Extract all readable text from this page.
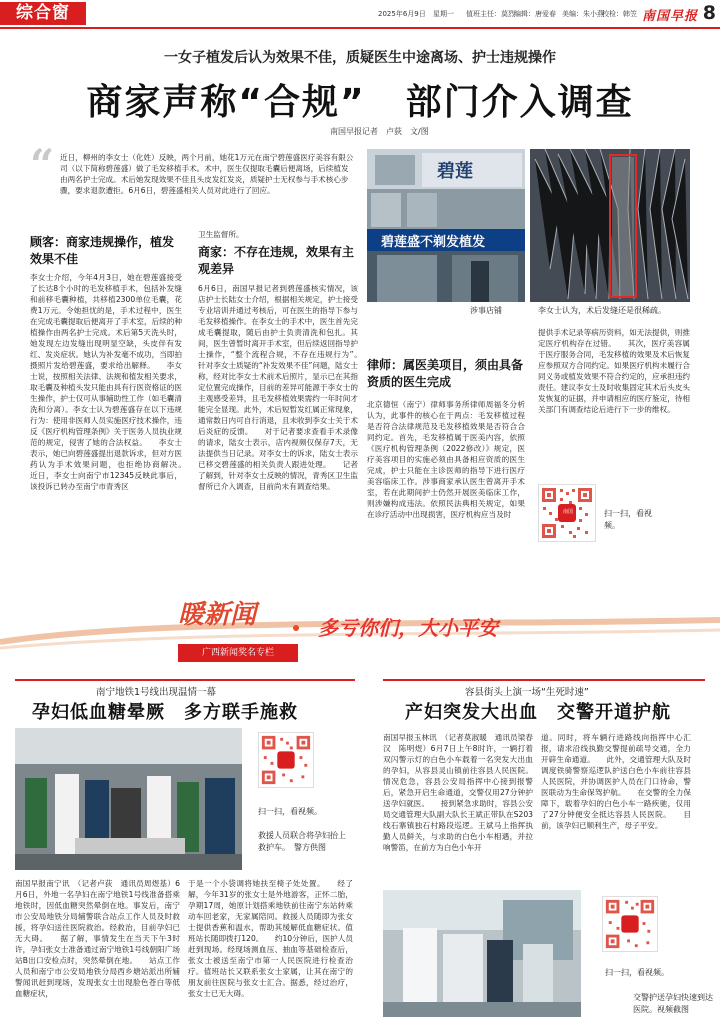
综合窗	2025年6月9日 星期一 值班主任：莫烈 编辑：唐爱春 美编：朱小燕
校检：韩笠 南国早报 8
一女子植发后认为效果不佳，质疑医生中途离场、护士违规操作
商家声称“合规” 部门介入调查
南国早报记者　卢荻　文/图
“ 近日，柳州的李女士（化姓）反映，两个月前，她花1万元在南宁碧莲盛医疗美容有限公司（以下简称碧莲盛）做了毛发移植手术。术中，医生仅提取毛囊后便离场，后续植发由两名护士完成。术后她发现效果不佳且头皮发红发炎，质疑护士无权参与手术核心步骤，要求退款遭拒。6月6日，碧莲盛相关人员对此进行了回应。
顾客：商家违规操作，植发效果不佳
李女士介绍，今年4月3日，她在碧莲盛接受了长达8个小时的毛发移植手术，包括补发缝和前移毛囊种植，共移植2300单位毛囊，花费1万元。令她担忧的是，手术过程中，医生在完成毛囊提取后便离开了手术室，后续的种植操作由两名护士完成。术后第5天洗头时，她发现左边发缝出现明显空缺，头皮伴有发红、发炎症状。她认为补发毫不成功，当即拍摄照片发给碧莲盛，要求给出解释。　　李女士说，按照相关法律、法规和植发相关要求，取毛囊及种植头发只能由具有行医资格证的医生操作，护士仅可从事辅助性工作（如毛囊清洗和分离）。李女士认为碧莲盛存在以下违规行为：使用非医师人员实施医疗技术操作，违反《医疗机构管理条例》关于医务人员执业规范的规定，侵害了她的合法权益。　　李女士表示，她已向碧莲盛提出退款诉求，但对方医药认为手术效果问题，也拒绝协商解决。　　近日，李女士向南宁市12345反映此事后，该投诉已转办至南宁市青秀区
卫生监督所。
商家：不存在违规，效果有主观差异
6月6日，南国早报记者到碧莲盛核实情况，该店护士长陆女士介绍，根据相关规定，护士接受专业培训并通过考核后，可在医生的指导下参与毛发移植操作。在李女士的手术中，医生首先完成毛囊提取，随后由护士负责清洗和包扎。其间，医生曾暂时离开手术室，但后续返回指导护士操作，“整个流程合规，不存在违规行为”。　　针对李女士质疑的“补发效果不佳”问题，陆女士称，经对比李女士术前术后照片，显示已在其指定位置完成操作，目前的差异可能源于李女士的主观感受差异，且毛发移植效果需约一年时间才能完全显现。此外，术后短暂发红属正常现象，通常数日内可自行消退，且未收到李女士关于术后炎症的反馈。　　对于记者要求查看手术录像的请求，陆女士表示，店内视频仅保存7天，无法提供当日记录。对李女士的诉求，陆女士表示已移交碧莲盛的相关负责人跟进处理。　　记者了解到，针对李女士反映的情况，青秀区卫生监督所已介入调查，目前尚未有调查结果。
碧莲
碧莲盛不剃发植发
涉事店铺	李女士认为，术后发缝还是很稀疏。
律师：属医美项目，须由具备资质的医生完成
北京德恒（南宁）律师事务所律师周福冬分析认为，此事件的核心在于两点：毛发移植过程是否符合法律规范及毛发移植效果是否符合合同约定。首先，毛发移植属于医美内容，依照《医疗机构管理条例（2022修改）》规定，医疗美容项目的实施必须由具备相应资质的医生完成，护士只能在主诊医师的指导下进行医疗美容临床工作。涉事商家承认医生曾离开手术室，若在此期间护士仍然开展医美临床工作，则涉嫌构成违法。依照民法典相关规定，如果在诊疗活动中出现损害，医疗机构应当及时
提供手术记录等病历资料，如无法提供，则推定医疗机构存在过错。　　其次，医疗美容属于医疗服务合同，毛发移植的效果及术后恢复应参照双方合同约定。如果医疗机构未履行合同义务或植发效果不符合约定的，应承担违约责任。建议李女士及时收集固定其术后头皮头发恢复的证据，并申请相应的医疗鉴定，待相关部门有调查结论后进行下一步的维权。
南国	扫一扫，看视频。
暖新闻
广西新闻奖名专栏
多亏你们，大小平安
南宁地铁1号线出现温情一幕
孕妇低血糖晕厥　多方联手施救
扫一扫，看视频。
救援人员联合将孕妇抬上救护车。　警方供图
南国早报南宁讯　（记者卢荻　通讯员周煜基）6月6日，外地一名孕妇在南宁地铁1号线准备搭乘地铁时，因低血糖突然晕倒在地。事发后，南宁市公安局地铁分局辅警联合站点工作人员及时救援，将孕妇送往医院救治。经救治，目前孕妇已无大碍。　　据了解，事情发生在当天下午3时许，孕妇张女士准备通过南宁地铁1号线朝阳广场站B出口安检点时，突然晕倒在地。　　站点工作人员和南宁市公安局地铁分局西乡塘站派出所辅警闻讯赶到现场，发现张女士出现脸色苍白等低血糖症状，
于是一个小袋调将她扶至椅子处处置。　　经了解，今年31岁的张女士是外地游客，正怀二胎，孕期17周，她原计划搭乘地铁前往南宁东站转乘动车回老家，无家属陪同。救援人员随即为张女士提供香蕉和温水，帮助其缓解低血糖症状。值班站长随即拨打120。　　约10分钟后，医护人员赶到现场。经现场测血压、抽血等基础检查后，张女士被送至南宁市第一人民医院进行检查治疗。值班站长又联系张女士家属，让其在南宁的朋友前往医院与张女士汇合。据悉，经过治疗，张女士已无大碍。
容县街头上演一场“生死时速”
产妇突发大出血　交警开道护航
南国早报玉林讯　（记者莫淑暖　通讯员梁春汉　陈明煜）6月7日上午8时许，一辆打着双闪警示灯的白色小车载着一名突发大出血的孕妇，从容县灵山镇前往容县人民医院。情况危急，容县公安局指挥中心接到报警后，紧急开启生命通道，交警仅用27分钟护送孕妇就医。　　接到紧急求助时，容县公安局交通管理大队副大队长王斌正带队在S203线石寨镇独石村路段巡逻。王斌马上指挥执勤人员鲜关，与求助的白色小车相遇，并拉响警笛，在前方为白色小车开
道。同时，将车辆行进路线向指挥中心汇报，请求沿线执勤交警提前疏导交通，全力开辟生命通道。　　此外，交通管理大队及时调度铁骑警察巡逻队护送白色小车前往容县人民医院，并协调医护人员在门口待命，警医联动为生命保驾护航。　　在交警的全力保障下，载着孕妇的白色小车一路疾驰，仅用了27分钟便安全抵达容县人民医院。　　目前，该孕妇已顺利生产，母子平安。
扫一扫，看视频。
交警护送孕妇快速到达医院。视频截图
